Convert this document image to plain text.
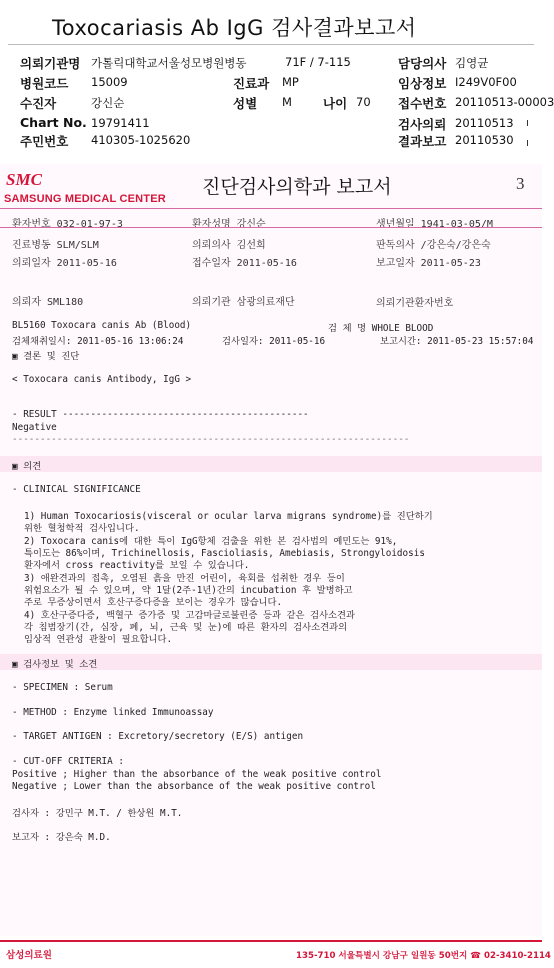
Toxocariasis Ab IgG 검사결과보고서
의뢰기관명 가톨릭대학교서울성모병원병동	71F / 7-115	담당의사 김영균
병원코드 15009	진료과 MP	임상정보 I249V0F00
수진자	강신순	성별 M 나이 70 접수번호 20110513-00003
Chart No. 19791411	검사의뢰 20110513
주민번호 410305-1025620	결과보고 20110530
SMC
SAMSUNG MEDICAL CENTER
진단검사의학과 보고서	3
환자번호 032-01-97-3	환자성명 강신순	생년월일 1941-03-05/M
진료병동 SLM/SLM	의뢰의사 김선희	판독의사 /강은숙/강은숙
의뢰일자 2011-05-16	접수일자 2011-05-16	보고일자 2011-05-23
의뢰자 SML180	의뢰기관 삼광의료재단	의뢰기관환자번호
BL5160 Toxocara canis Ab (Blood)	검 체 명 WHOLE BLOOD
검체채취일시: 2011-05-16 13:06:24	검사일자: 2011-05-16	보고시간: 2011-05-23 15:57:04
▣ 결론 및 진단
< Toxocara canis Antibody, IgG >
- RESULT --------------------------------------------
Negative
-----------------------------------------------------------------------
▣ 의견
- CLINICAL SIGNIFICANCE
1) Human Toxocariosis(visceral or ocular larva migrans syndrome)를 진단하기
위한 혈청학적 검사입니다.
2) Toxocara canis에 대한 특이 IgG항체 검출을 위한 본 검사법의 예민도는 91%,
특이도는 86%이며, Trichinellosis, Fascioliasis, Amebiasis, Strongyloidosis
환자에서 cross reactivity를 보일 수 있습니다.
3) 애완견과의 접촉, 오염된 흙을 만진 어린이, 육회를 섭취한 경우 등이
위험요소가 될 수 있으며, 약 1달(2주-1년)간의 incubation 후 발병하고
주로 무증상이면서 호산구증다증을 보이는 경우가 많습니다.
4) 호산구증다증, 백혈구 증가증 및 고감마글로불린증 등과 같은 검사소견과
각 침범장기(간, 심장, 폐, 뇌, 근육 및 눈)에 따른 환자의 검사소견과의
임상적 연관성 관찰이 필요합니다.
▣ 검사정보 및 소견
- SPECIMEN : Serum
- METHOD : Enzyme linked Immunoassay
- TARGET ANTIGEN : Excretory/secretory (E/S) antigen
- CUT-OFF CRITERIA :
Positive ; Higher than the absorbance of the weak positive control
Negative ; Lower than the absorbance of the weak positive control
검사자 : 강민구 M.T. / 한상원 M.T.
보고자 : 강은숙 M.D.
삼성의료원	135-710 서울특별시 강남구 일원동 50번지 ☎ 02-3410-2114
